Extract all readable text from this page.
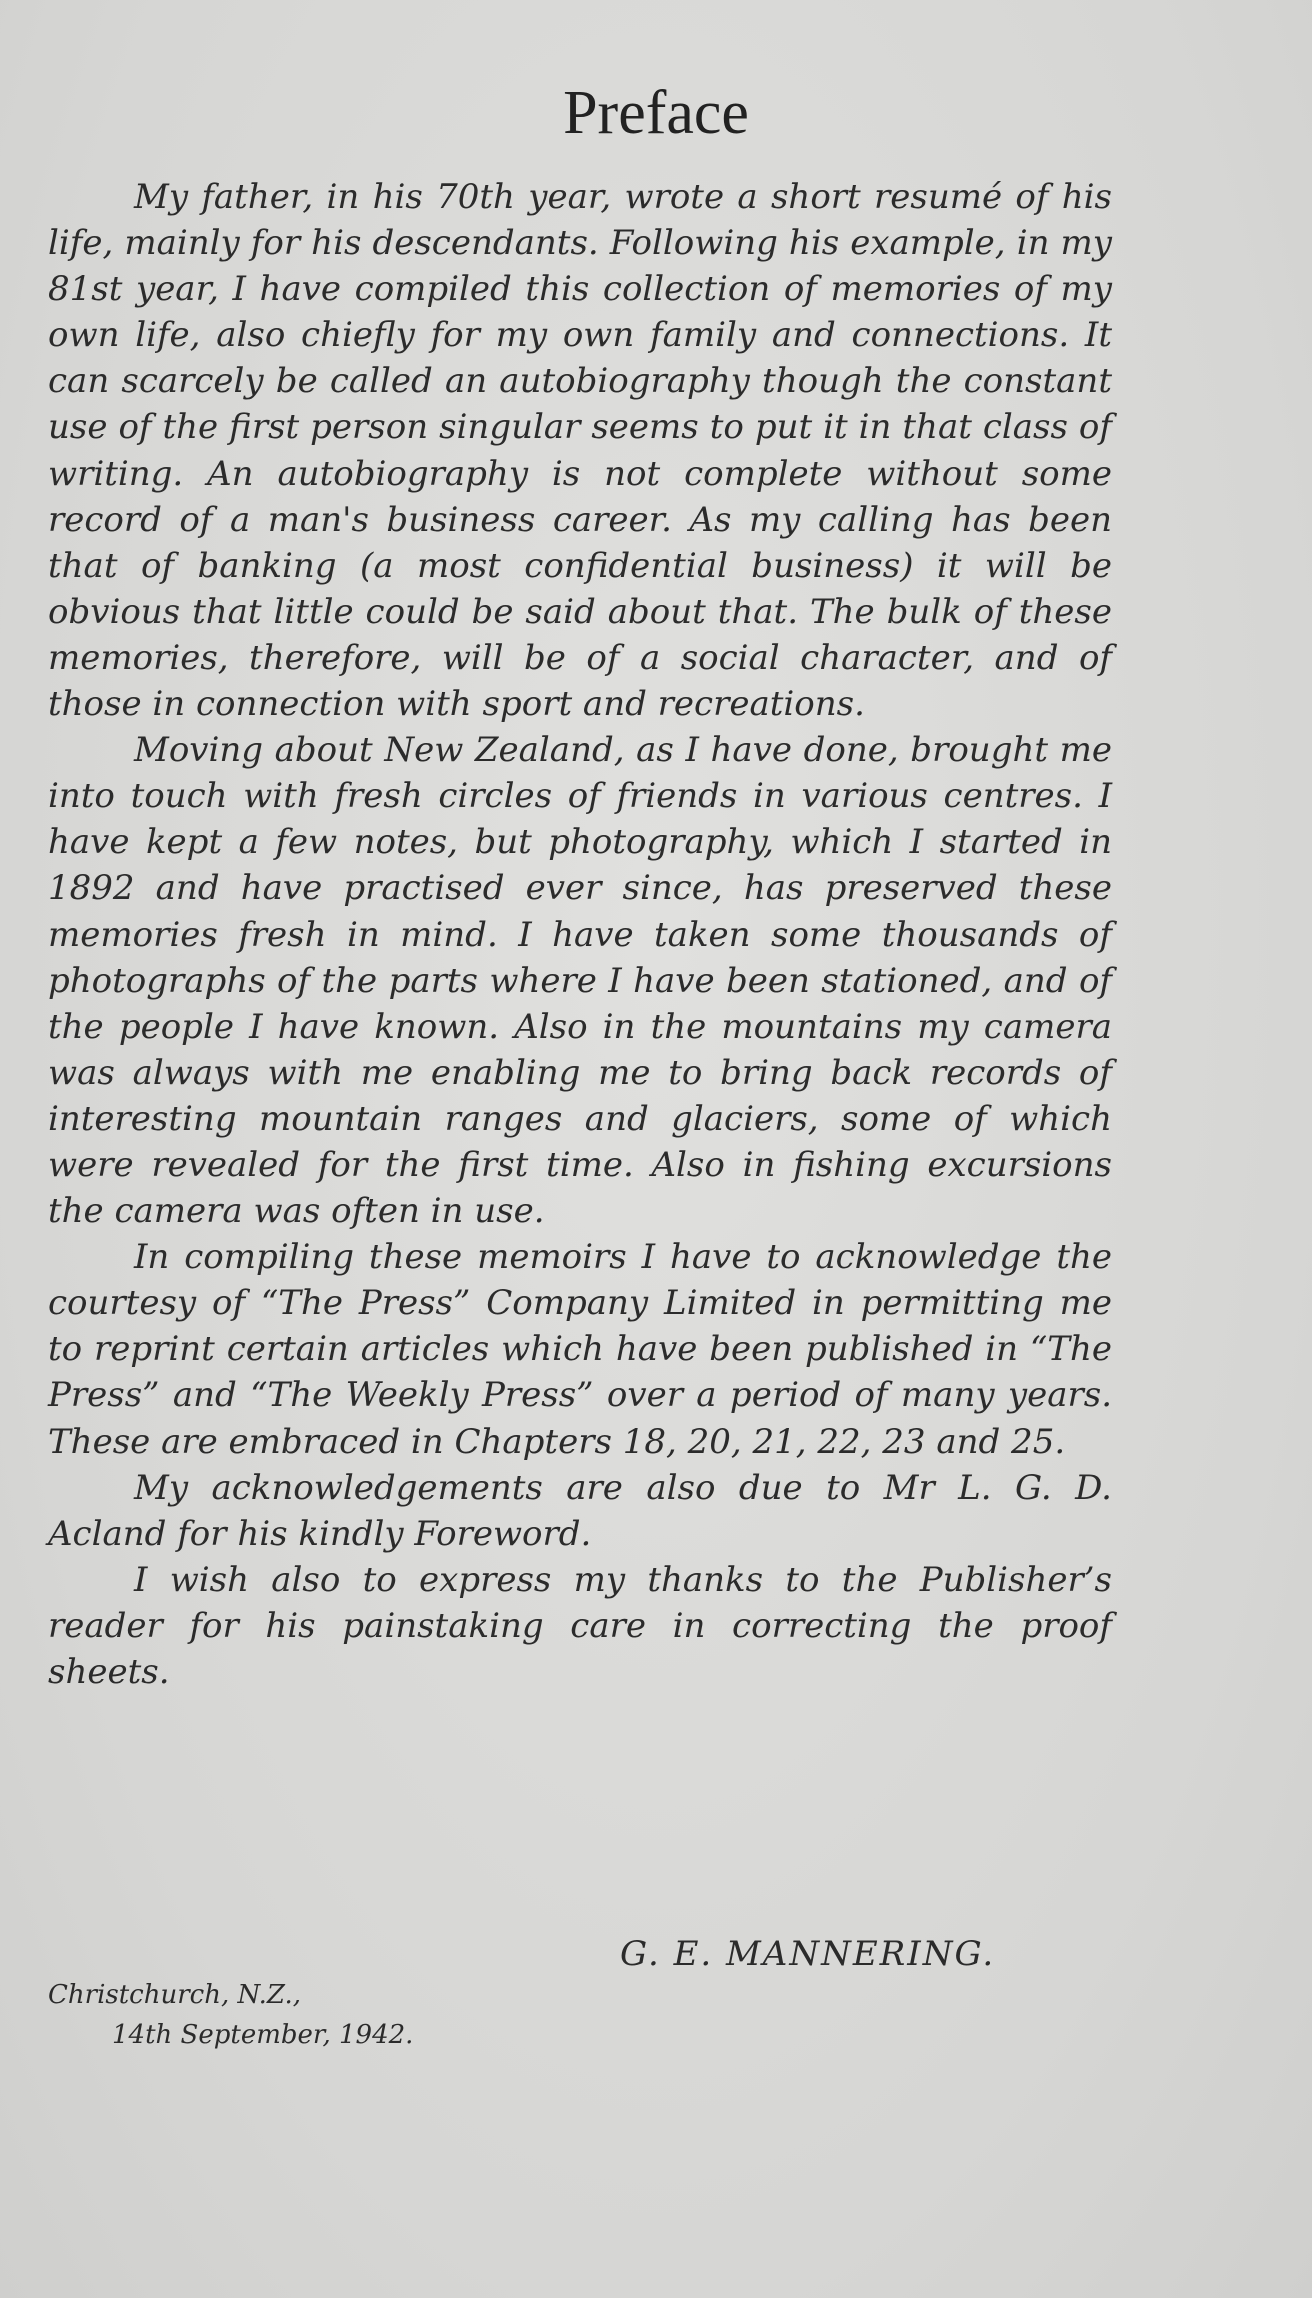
Preface

My father, in his 70th year, wrote a short resumé of his life, mainly for his descendants. Following his example, in my 81st year, I have compiled this collection of memories of my own life, also chiefly for my own family and connections. It can scarcely be called an autobiography though the constant use of the first person singular seems to put it in that class of writing. An autobiography is not complete without some record of a man's business career. As my calling has been that of banking (a most confidential business) it will be obvious that little could be said about that. The bulk of these memories, therefore, will be of a social character, and of those in connection with sport and recreations.

Moving about New Zealand, as I have done, brought me into touch with fresh circles of friends in various centres. I have kept a few notes, but photography, which I started in 1892 and have practised ever since, has preserved these memories fresh in mind. I have taken some thousands of photographs of the parts where I have been stationed, and of the people I have known. Also in the mountains my camera was always with me enabling me to bring back records of interesting mountain ranges and glaciers, some of which were revealed for the first time. Also in fishing excursions the camera was often in use.

In compiling these memoirs I have to acknowledge the courtesy of “The Press” Company Limited in permitting me to reprint certain articles which have been published in “The Press” and “The Weekly Press” over a period of many years. These are embraced in Chapters 18, 20, 21, 22, 23 and 25.

My acknowledgements are also due to Mr L. G. D. Acland for his kindly Foreword.

I wish also to express my thanks to the Publisher’s reader for his painstaking care in correcting the proof sheets.

G. E. MANNERING.
Christchurch, N.Z.,
14th September, 1942.
